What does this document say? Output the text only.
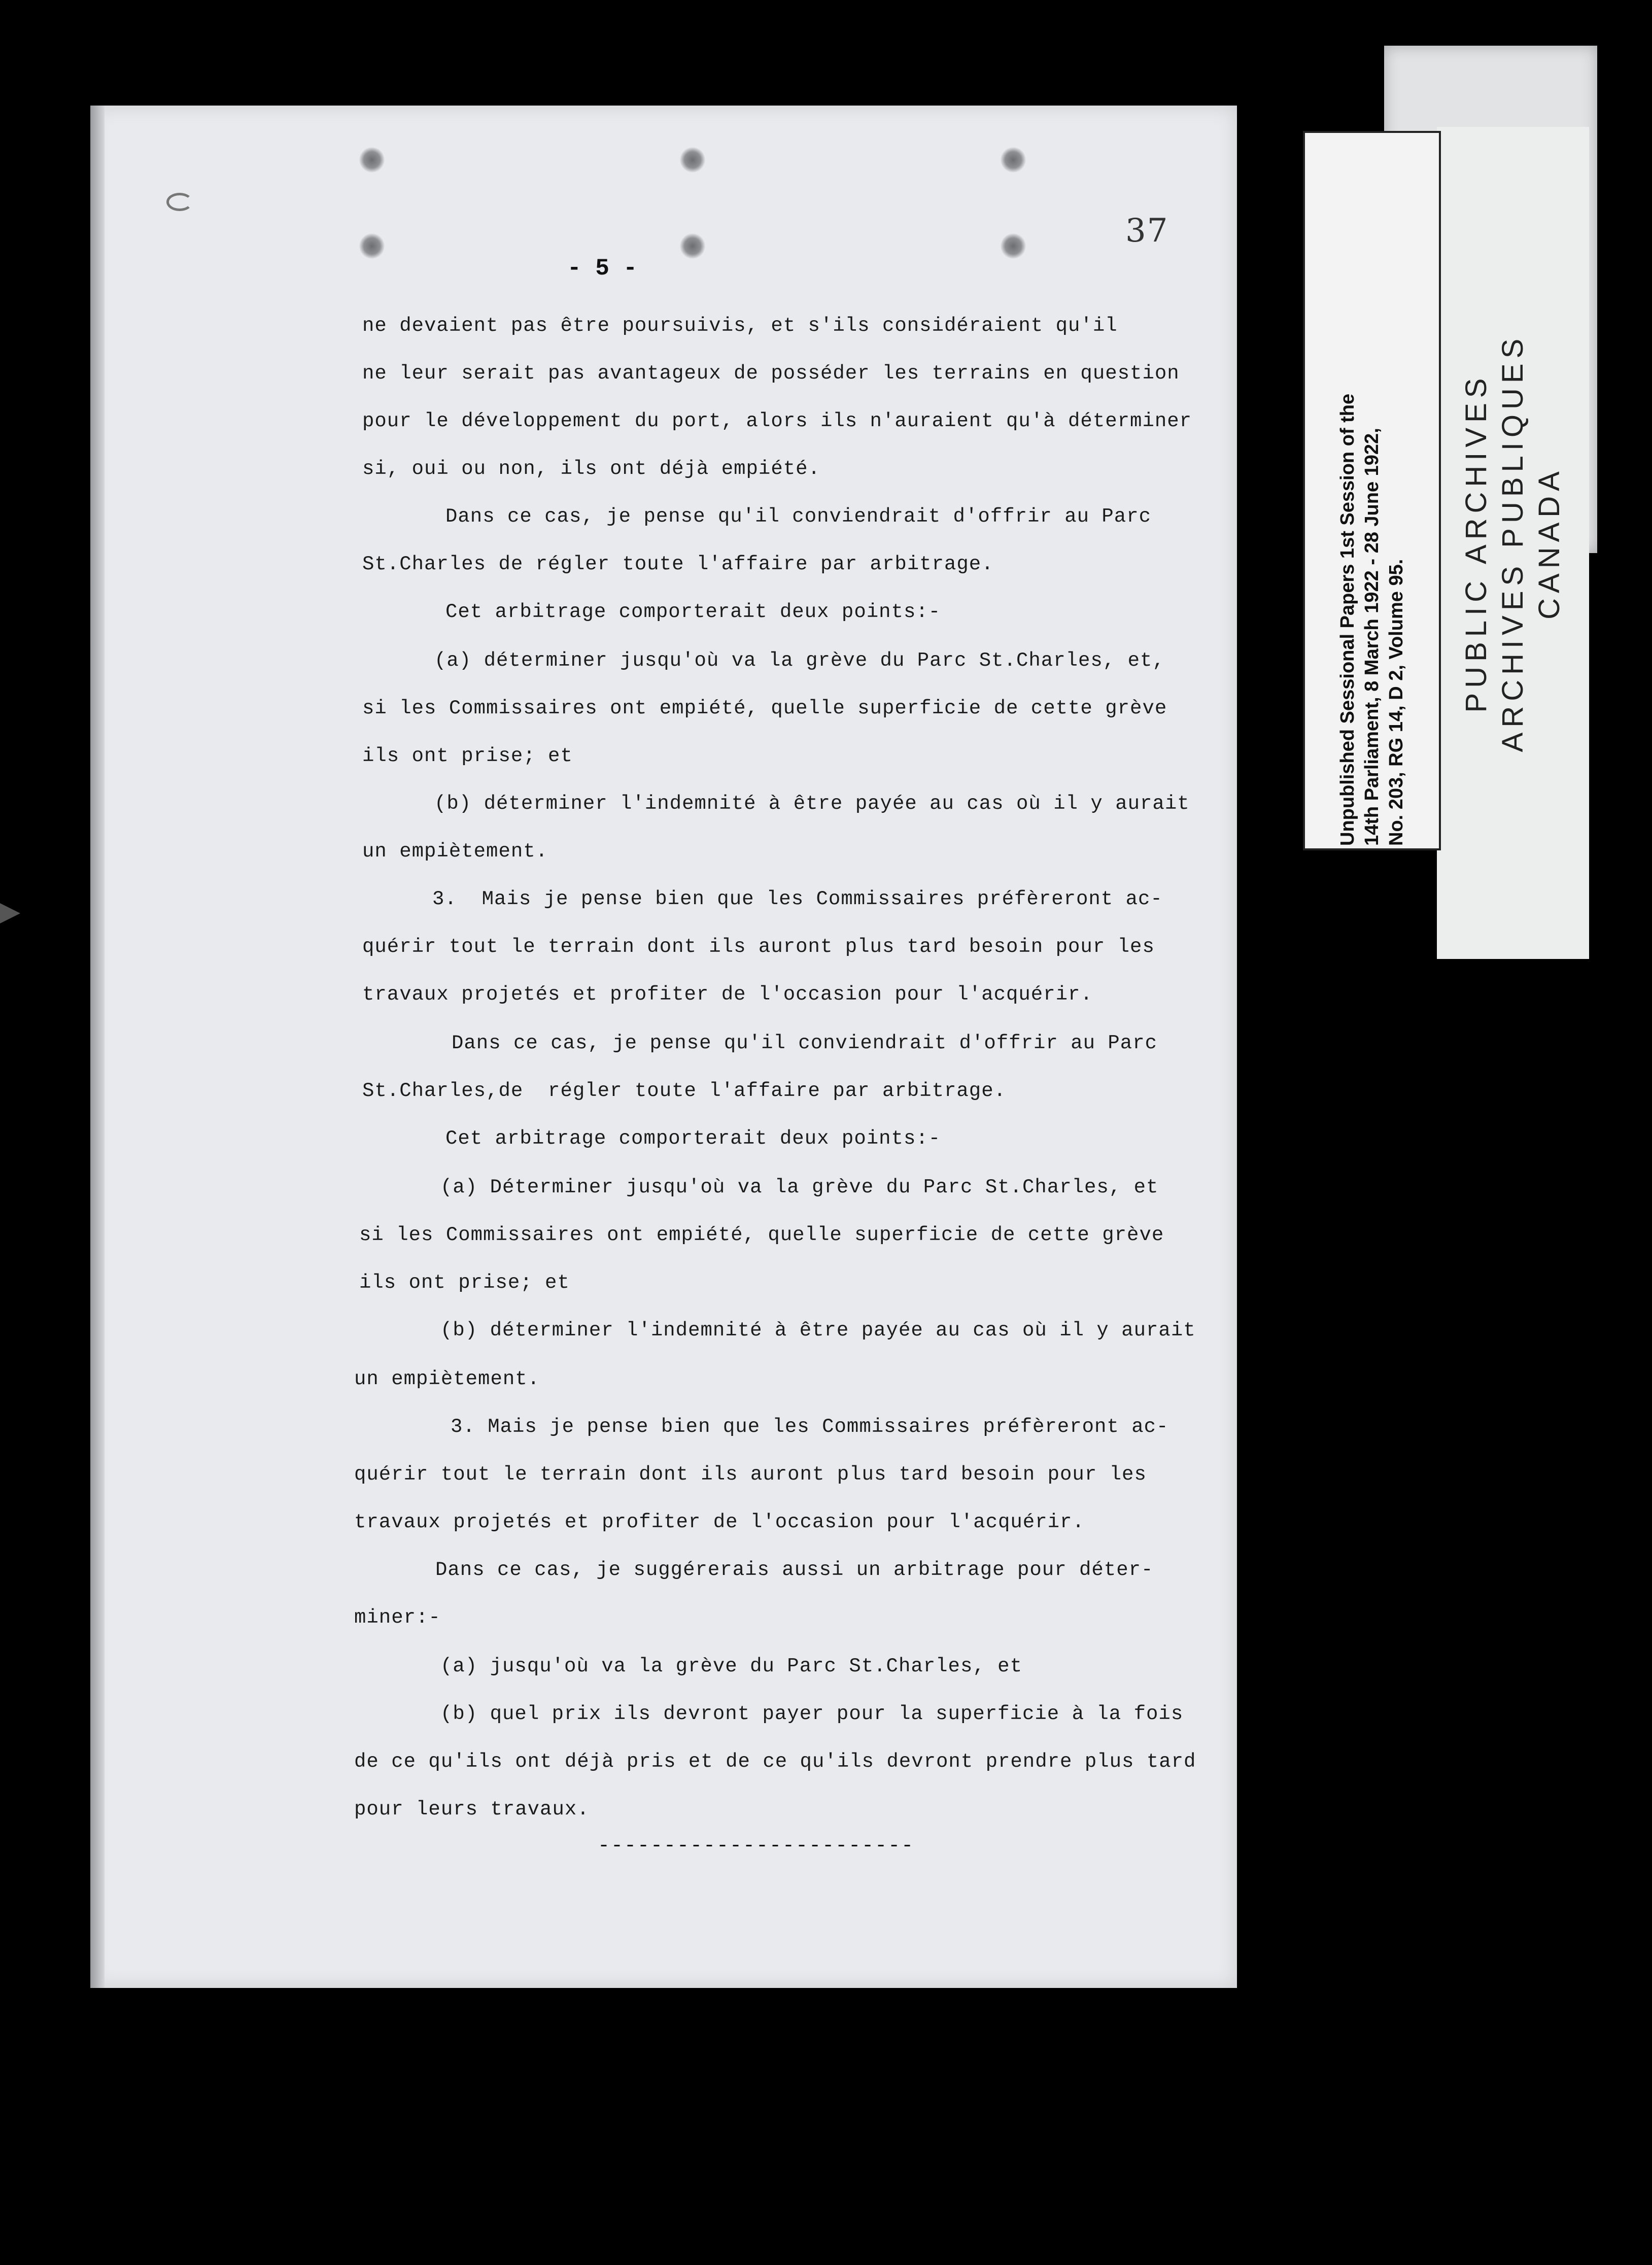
PUBLIC ARCHIVES ARCHIVES PUBLIQUES CANADA
Unpublished Sessional Papers 1st Session of the 14th Parliament, 8 March 1922 - 28 June 1922, No. 203, RG 14, D 2, Volume 95.
37
- 5 -
ne devaient pas être poursuivis, et s'ils considéraient qu'il
ne leur serait pas avantageux de posséder les terrains en question
pour le développement du port, alors ils n'auraient qu'à déterminer
si, oui ou non, ils ont déjà empiété.
Dans ce cas, je pense qu'il conviendrait d'offrir au Parc
St.Charles de régler toute l'affaire par arbitrage.
Cet arbitrage comporterait deux points:-
(a) déterminer jusqu'où va la grève du Parc St.Charles, et,
si les Commissaires ont empiété, quelle superficie de cette grève
ils ont prise; et
(b) déterminer l'indemnité à être payée au cas où il y aurait
un empiètement.
3.  Mais je pense bien que les Commissaires préfèreront ac-
quérir tout le terrain dont ils auront plus tard besoin pour les
travaux projetés et profiter de l'occasion pour l'acquérir.
Dans ce cas, je pense qu'il conviendrait d'offrir au Parc
St.Charles,de  régler toute l'affaire par arbitrage.
Cet arbitrage comporterait deux points:-
(a) Déterminer jusqu'où va la grève du Parc St.Charles, et
si les Commissaires ont empiété, quelle superficie de cette grève
ils ont prise; et
(b) déterminer l'indemnité à être payée au cas où il y aurait
un empiètement.
3. Mais je pense bien que les Commissaires préfèreront ac-
quérir tout le terrain dont ils auront plus tard besoin pour les
travaux projetés et profiter de l'occasion pour l'acquérir.
Dans ce cas, je suggérerais aussi un arbitrage pour déter-
miner:-
(a) jusqu'où va la grève du Parc St.Charles, et
(b) quel prix ils devront payer pour la superficie à la fois
de ce qu'ils ont déjà pris et de ce qu'ils devront prendre plus tard
pour leurs travaux.
------------------------
